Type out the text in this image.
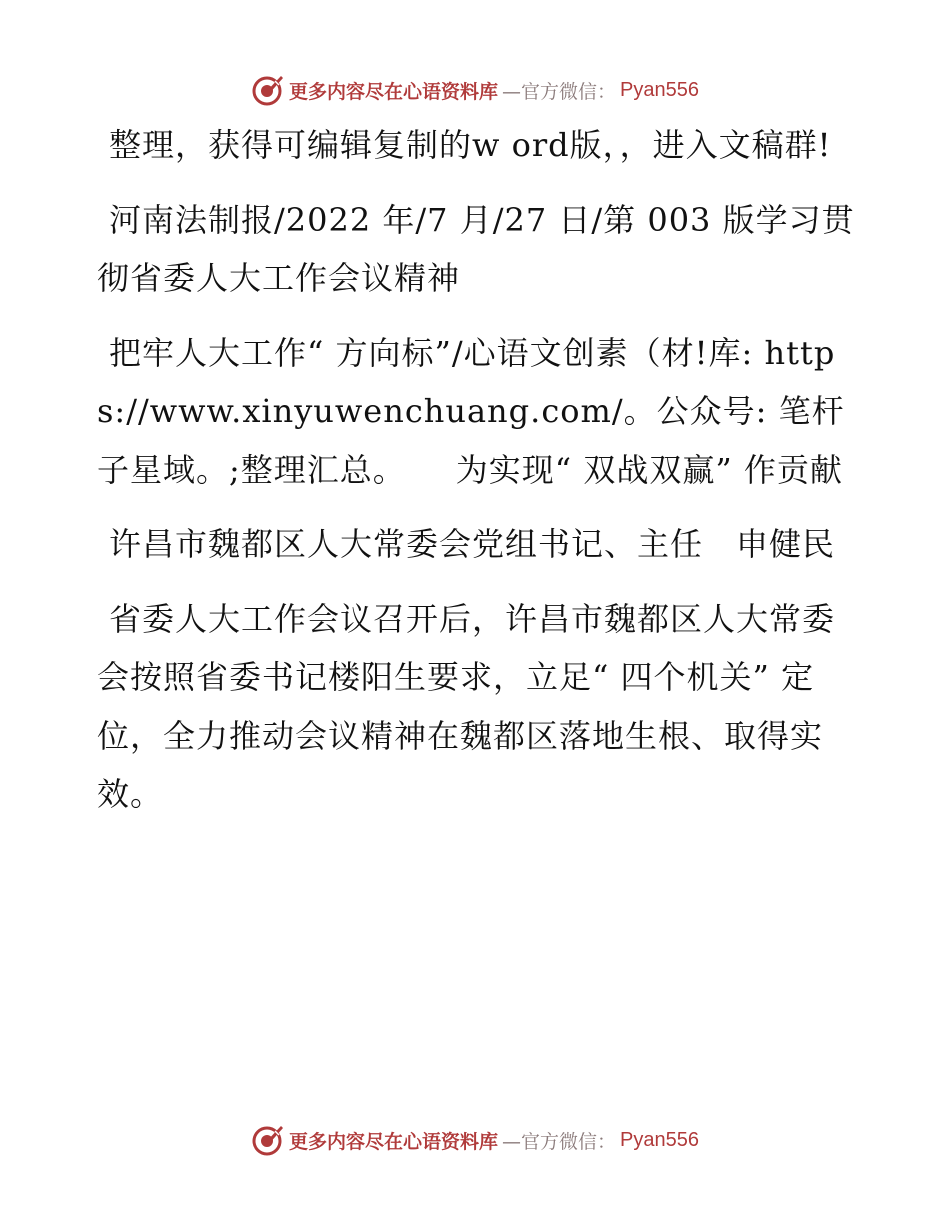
更多内容尽在心语资料库 —官方微信： Pyan556

整理，获得可编辑复制的w ord版，，进入文稿群!

河南法制报/2022 年/7 月/27 日/第 003 版学习贯彻省委人大工作会议精神

把牢人大工作“ 方向标”/心语文创素（材!库: https://www.xinyuwenchuang.com/。公众号: 笔杆子星域。;整理汇总。　　为实现“ 双战双赢” 作贡献

许昌市魏都区人大常委会党组书记、主任　申健民

省委人大工作会议召开后，许昌市魏都区人大常委会按照省委书记楼阳生要求，立足“ 四个机关” 定位，全力推动会议精神在魏都区落地生根、取得实效。

更多内容尽在心语资料库 —官方微信： Pyan556
